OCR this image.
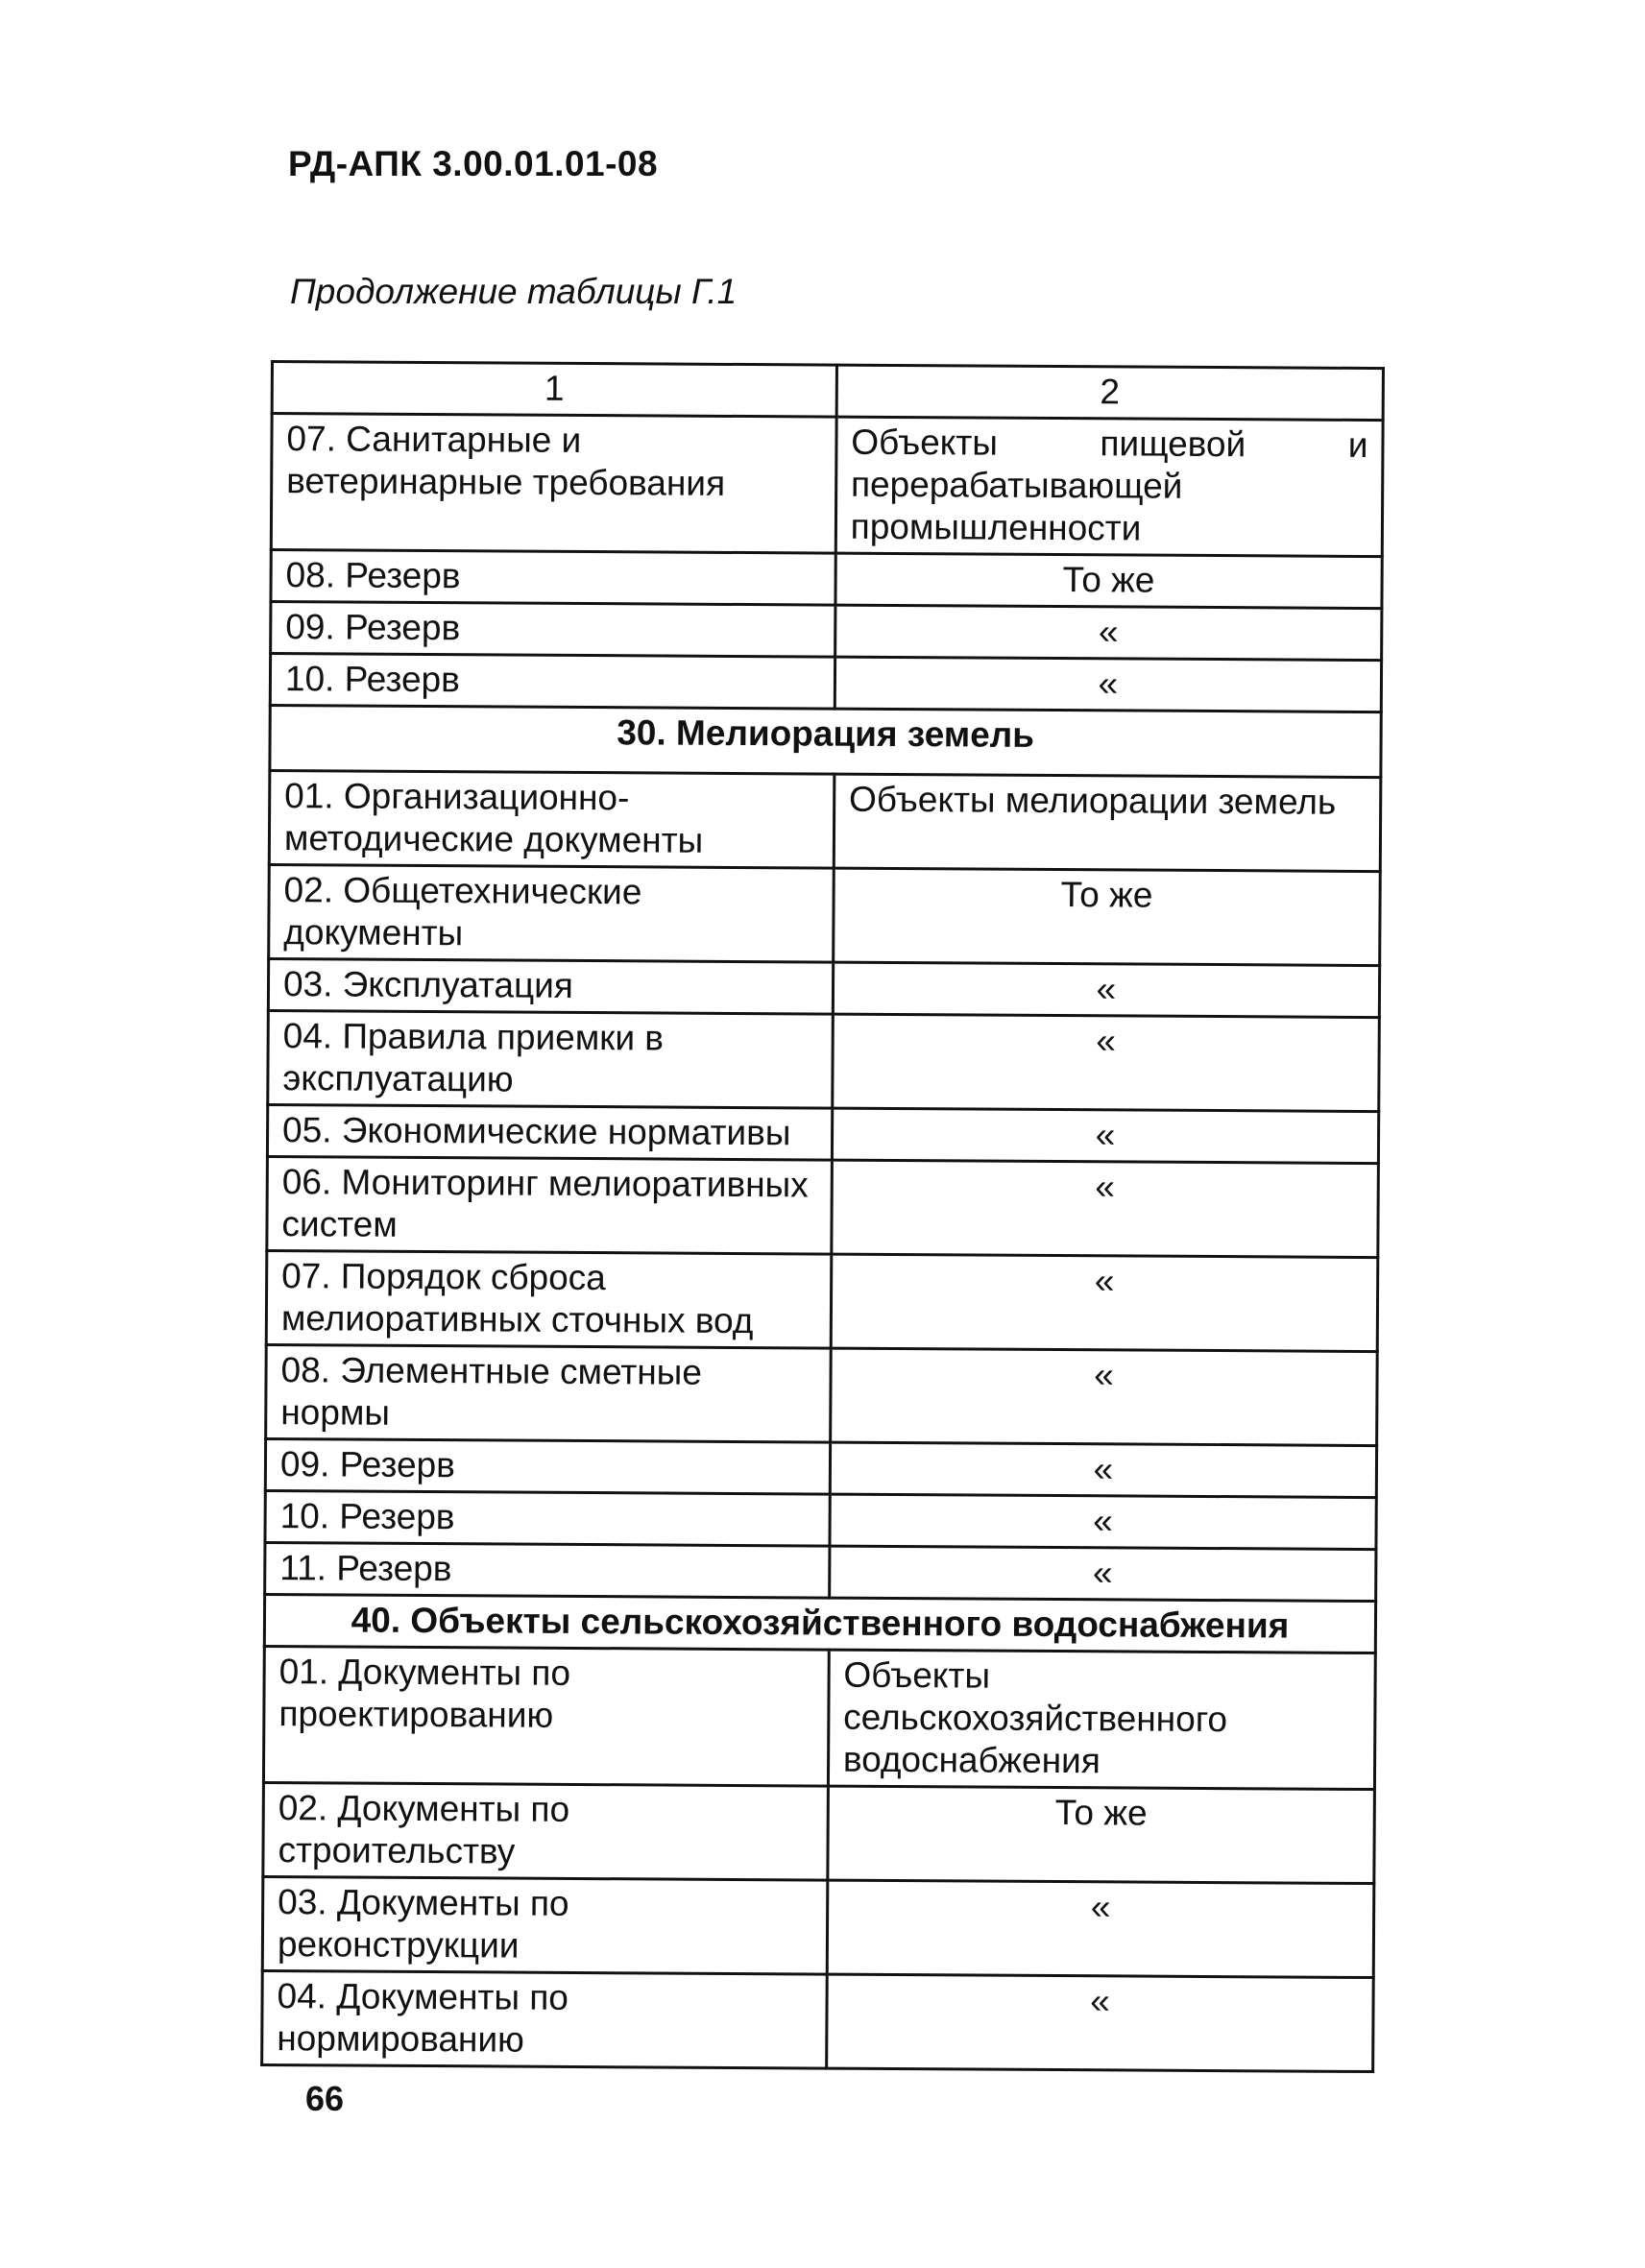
РД-АПК 3.00.01.01-08
Продолжение таблицы Г.1
1	2
07. Санитарные и ветеринарные требования	Объекты пищевой и перерабатывающей промышленности
08. Резерв	То же
09. Резерв	«
10. Резерв	«
30. Мелиорация земель	
01. Организационно-методические документы	Объекты мелиорации земель
02. Общетехнические документы	То же
03. Эксплуатация	«
04. Правила приемки в эксплуатацию	«
05. Экономические нормативы	«
06. Мониторинг мелиоративных систем	«
07. Порядок сброса мелиоративных сточных вод	«
08. Элементные сметные нормы	«
09. Резерв	«
10. Резерв	«
11. Резерв	«
40. Объекты сельскохозяйственного водоснабжения	
01. Документы по проектированию	Объекты сельскохозяйственного водоснабжения
02. Документы по строительству	То же
03. Документы по реконструкции	«
04. Документы по нормированию	«
66
